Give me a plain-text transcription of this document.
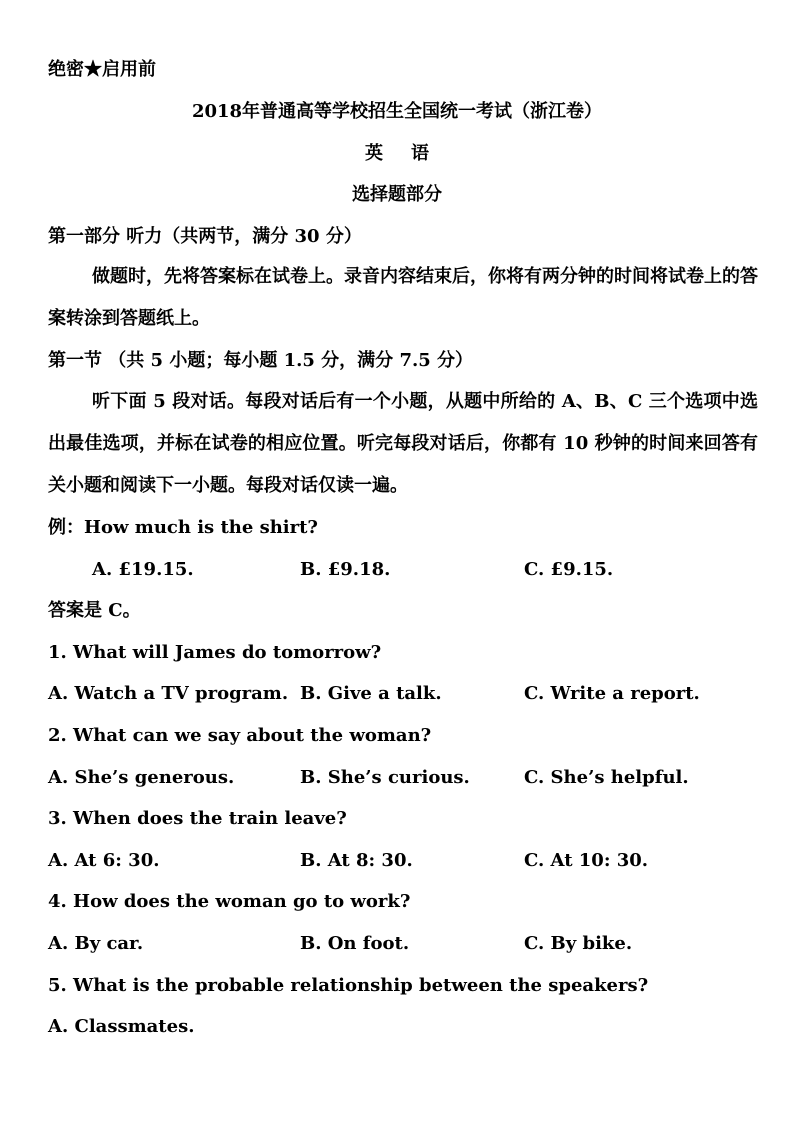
绝密★启用前
2018年普通高等学校招生全国统一考试（浙江卷）
英 语
选择题部分
第一部分 听力（共两节，满分 30 分）
做题时，先将答案标在试卷上。录音内容结束后，你将有两分钟的时间将试卷上的答案转涂到答题纸上。
第一节 （共 5 小题；每小题 1.5 分，满分 7.5 分）
听下面 5 段对话。每段对话后有一个小题，从题中所给的 A、B、C 三个选项中选出最佳选项，并标在试卷的相应位置。听完每段对话后，你都有 10 秒钟的时间来回答有关小题和阅读下一小题。每段对话仅读一遍。
例：How much is the shirt?
A. £19.15.	B. £9.18.	C. £9.15.
答案是 C。
1. What will James do tomorrow?
A. Watch a TV program. B. Give a talk.	C. Write a report.
2. What can we say about the woman?
A. She’s generous.	B. She’s curious.	C. She’s helpful.
3. When does the train leave?
A. At 6: 30.	B. At 8: 30.	C. At 10: 30.
4. How does the woman go to work?
A. By car.	B. On foot.	C. By bike.
5. What is the probable relationship between the speakers?
A. Classmates.
